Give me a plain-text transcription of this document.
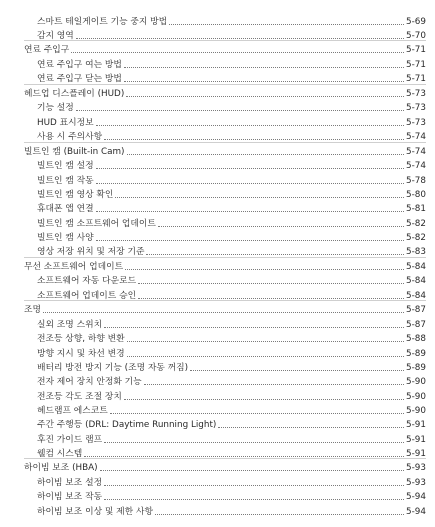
스마트 테일게이트 기능 중지 방법	5-69
감지 영역	5-70
연료 주입구	5-71
연료 주입구 여는 방법	5-71
연료 주입구 닫는 방법	5-71
헤드업 디스플레이 (HUD)	5-73
기능 설정	5-73
HUD 표시정보	5-73
사용 시 주의사항	5-74
빌트인 캠 (Built-in Cam)	5-74
빌트인 캠 설정	5-74
빌트인 캠 작동	5-78
빌트인 캠 영상 확인	5-80
휴대폰 앱 연결	5-81
빌트인 캠 소프트웨어 업데이트	5-82
빌트인 캠 사양	5-82
영상 저장 위치 및 저장 기준	5-83
무선 소프트웨어 업데이트	5-84
소프트웨어 자동 다운로드	5-84
소프트웨어 업데이트 승인	5-84
조명	5-87
실외 조명 스위치	5-87
전조등 상향, 하향 변환	5-88
방향 지시 및 차선 변경	5-89
배터리 방전 방지 기능 (조명 자동 꺼짐)	5-89
전자 제어 장치 안정화 기능	5-90
전조등 각도 조절 장치	5-90
헤드램프 에스코트	5-90
주간 주행등 (DRL: Daytime Running Light)	5-91
후진 가이드 램프	5-91
웰컴 시스템	5-91
하이빔 보조 (HBA)	5-93
하이빔 보조 설정	5-93
하이빔 보조 작동	5-94
하이빔 보조 이상 및 제한 사항	5-94
